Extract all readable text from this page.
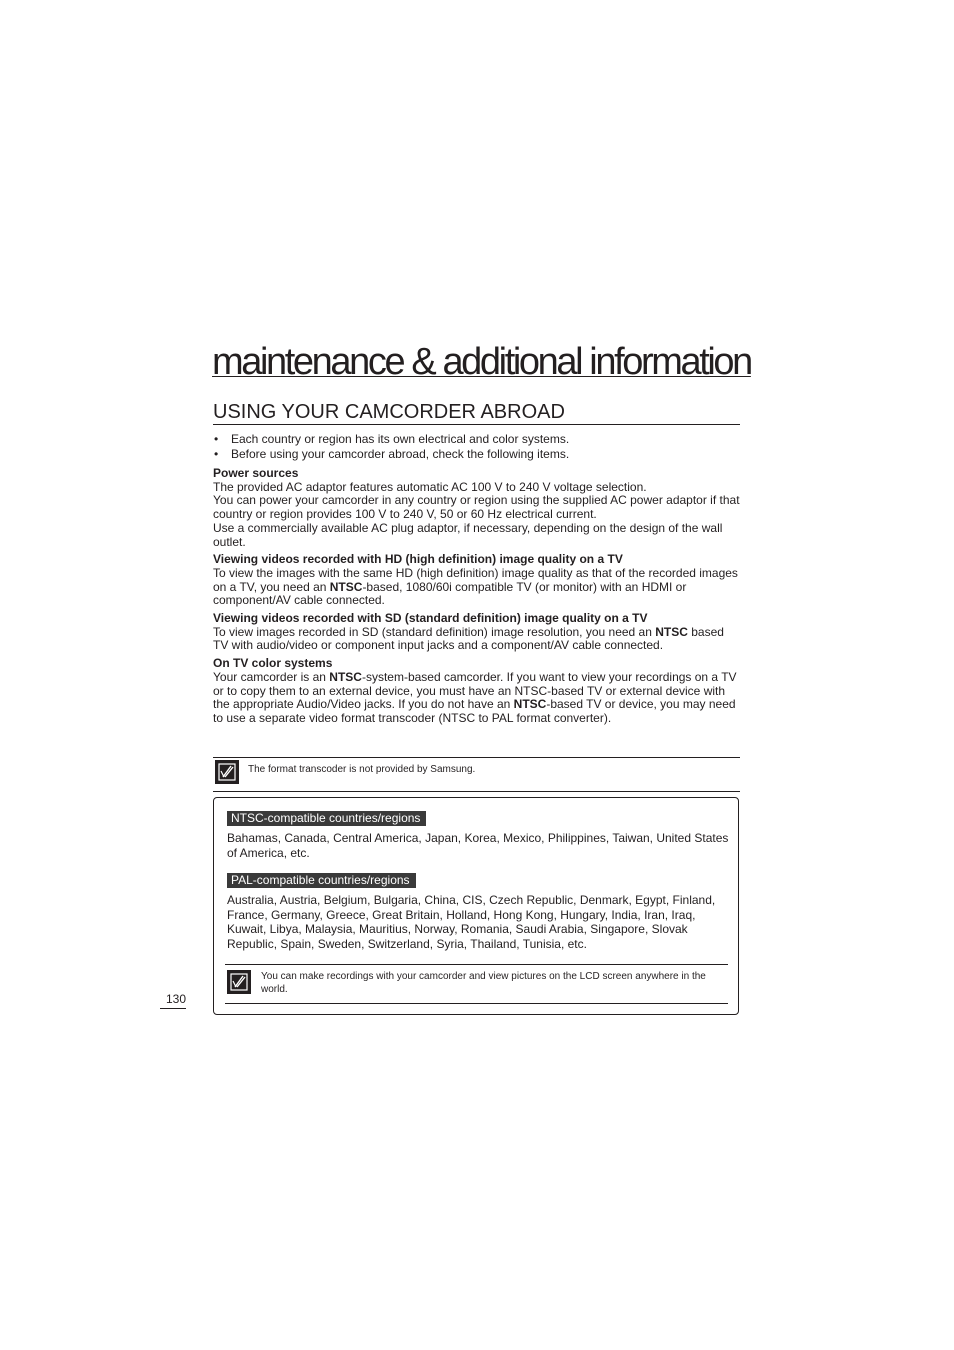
maintenance & additional information
USING YOUR CAMCORDER ABROAD
• Each country or region has its own electrical and color systems.
• Before using your camcorder abroad, check the following items.
Power sources

The provided AC adaptor features automatic AC 100 V to 240 V voltage selection.

You can power your camcorder in any country or region using the supplied AC power adaptor if that country or region provides 100 V to 240 V, 50 or 60 Hz electrical current.

Use a commercially available AC plug adaptor, if necessary, depending on the design of the wall outlet.

Viewing videos recorded with HD (high definition) image quality on a TV

To view the images with the same HD (high definition) image quality as that of the recorded images on a TV, you need an NTSC-based, 1080/60i compatible TV (or monitor) with an HDMI or component/AV cable connected.

Viewing videos recorded with SD (standard definition) image quality on a TV

To view images recorded in SD (standard definition) image resolution, you need an NTSC based TV with audio/video or component input jacks and a component/AV cable connected.

On TV color systems

Your camcorder is an NTSC-system-based camcorder. If you want to view your recordings on a TV or to copy them to an external device, you must have an NTSC-based TV or external device with the appropriate Audio/Video jacks. If you do not have an NTSC-based TV or device, you may need to use a separate video format transcoder (NTSC to PAL format converter).

The format transcoder is not provided by Samsung.
NTSC-compatible countries/regions
Bahamas, Canada, Central America, Japan, Korea, Mexico, Philippines, Taiwan, United States of America, etc.
PAL-compatible countries/regions
Australia, Austria, Belgium, Bulgaria, China, CIS, Czech Republic, Denmark, Egypt, Finland, France, Germany, Greece, Great Britain, Holland, Hong Kong, Hungary, India, Iran, Iraq, Kuwait, Libya, Malaysia, Mauritius, Norway, Romania, Saudi Arabia, Singapore, Slovak Republic, Spain, Sweden, Switzerland, Syria, Thailand, Tunisia, etc.
You can make recordings with your camcorder and view pictures on the LCD screen anywhere in the world.
130
